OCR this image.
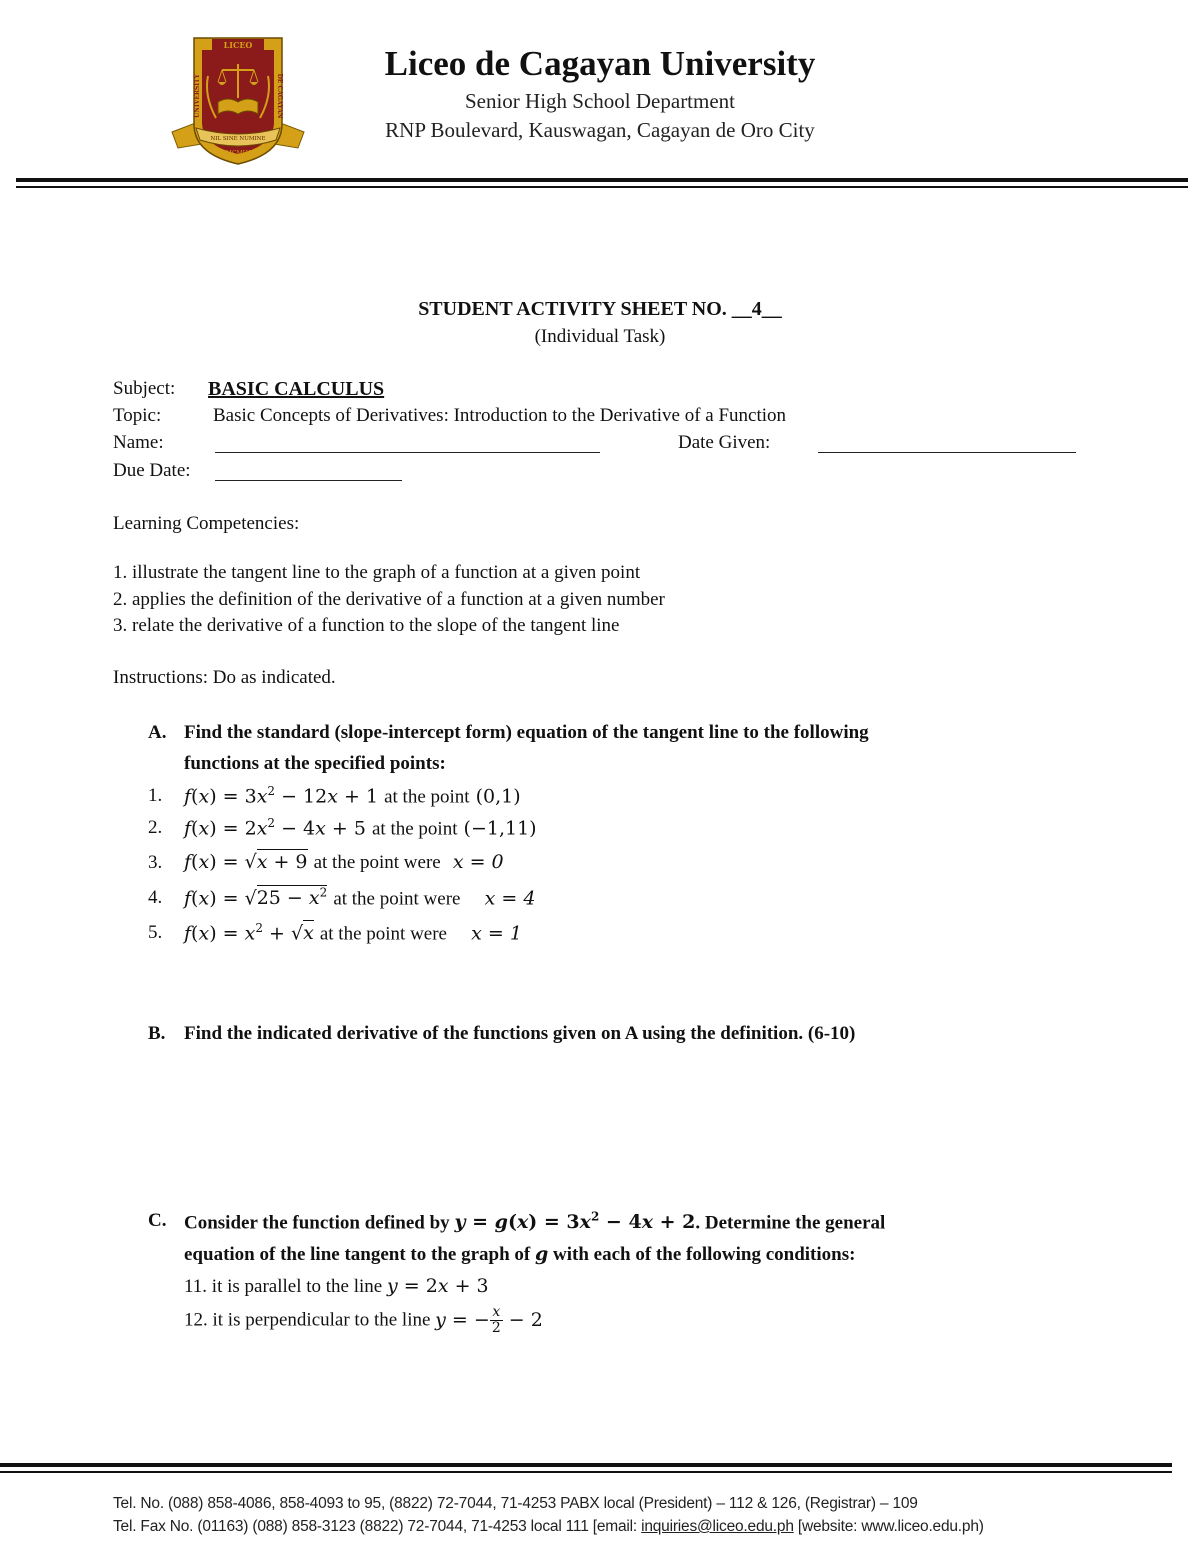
LICEO
UNIVERSITY	DE CAGAYAN
NIL SINE NUMINE
MCMLV
Liceo de Cagayan University
Senior High School Department
RNP Boulevard, Kauswagan, Cagayan de Oro City
STUDENT ACTIVITY SHEET NO. __4__
(Individual Task)
Subject: BASIC CALCULUS
Topic:	Basic Concepts of Derivatives: Introduction to the Derivative of a Function
Name:	Date Given:
Due Date:
Learning Competencies:
1. illustrate the tangent line to the graph of a function at a given point
2. applies the definition of the derivative of a function at a given number
3. relate the derivative of a function to the slope of the tangent line
Instructions: Do as indicated.
A. Find the standard (slope-intercept form) equation of the tangent line to the following
functions at the specified points:
1.	$f(x) = 3x^2 - 12x + 1$ at the point (0,1)
2.	$f(x) = 2x^2 - 4x + 5$ at the point (−1,11)
3.	f(x) = √x + 9 at the point were x = 0
4.	$f(x) = √25 - x^2$ at the point were x = 4
5.	$f(x) = x^2 + √x$ at the point were x = 1
B. Find the indicated derivative of the functions given on A using the definition. (6-10)
C. Consider the function defined by $y = g(x) = 3x^2 - 4x + 2$. Determine the general
equation of the line tangent to the graph of g with each of the following conditions:
11. it is parallel to the line y = 2x + 3
12. it is perpendicular to the line y = − $\frac{x}{2} - 2$
Tel. No. (088) 858-4086, 858-4093 to 95, (8822) 72-7044, 71-4253 PABX local (President) – 112 & 126, (Registrar) – 109
Tel. Fax No. (01163) (088) 858-3123 (8822) 72-7044, 71-4253 local 111 [email: inquiries@liceo.edu.ph [website: www.liceo.edu.ph)
